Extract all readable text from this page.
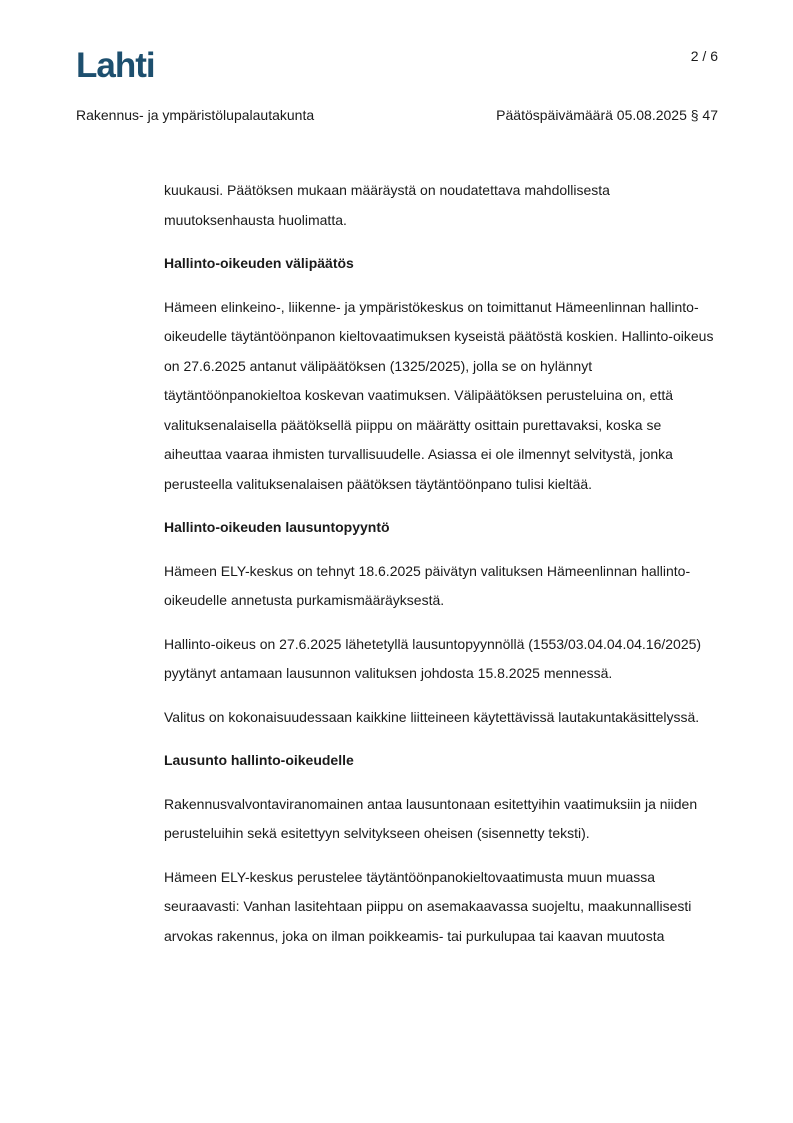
Lahti	2 / 6
Rakennus- ja ympäristölupalautakunta	Päätöspäivämäärä 05.08.2025 § 47

kuukausi. Päätöksen mukaan määräystä on noudatettava mahdollisesta muutoksenhausta huolimatta.

Hallinto-oikeuden välipäätös

Hämeen elinkeino-, liikenne- ja ympäristökeskus on toimittanut Hämeenlinnan hallinto-oikeudelle täytäntöönpanon kieltovaatimuksen kyseistä päätöstä koskien. Hallinto-oikeus on 27.6.2025 antanut välipäätöksen (1325/2025), jolla se on hylännyt täytäntöönpanokieltoa koskevan vaatimuksen. Välipäätöksen perusteluina on, että valituksenalaisella päätöksellä piippu on määrätty osittain purettavaksi, koska se aiheuttaa vaaraa ihmisten turvallisuudelle. Asiassa ei ole ilmennyt selvitystä, jonka perusteella valituksenalaisen päätöksen täytäntöönpano tulisi kieltää.

Hallinto-oikeuden lausuntopyyntö

Hämeen ELY-keskus on tehnyt 18.6.2025 päivätyn valituksen Hämeenlinnan hallinto-oikeudelle annetusta purkamismääräyksestä.

Hallinto-oikeus on 27.6.2025 lähetetyllä lausuntopyynnöllä (1553/03.04.04.04.16/2025) pyytänyt antamaan lausunnon valituksen johdosta 15.8.2025 mennessä.

Valitus on kokonaisuudessaan kaikkine liitteineen käytettävissä lautakuntakäsittelyssä.

Lausunto hallinto-oikeudelle

Rakennusvalvontaviranomainen antaa lausuntonaan esitettyihin vaatimuksiin ja niiden perusteluihin sekä esitettyyn selvitykseen oheisen (sisennetty teksti).

Hämeen ELY-keskus perustelee täytäntöönpanokieltovaatimusta muun muassa seuraavasti: Vanhan lasitehtaan piippu on asemakaavassa suojeltu, maakunnallisesti arvokas rakennus, joka on ilman poikkeamis- tai purkulupaa tai kaavan muutosta
